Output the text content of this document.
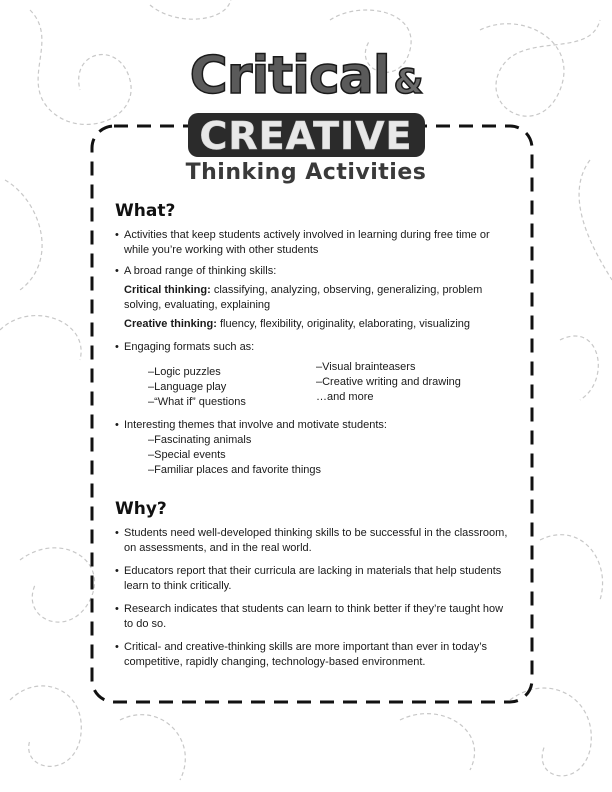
Critical &
CREATIVE
Thinking Activities
What?
• Activities that keep students actively involved in learning during free time or while you’re working with other students
• A broad range of thinking skills:
Critical thinking: classifying, analyzing, observing, generalizing, problem solving, evaluating, explaining
Creative thinking: fluency, flexibility, originality, elaborating, visualizing
• Engaging formats such as:
–Logic puzzles
–Language play
–“What if” questions
–Visual brainteasers
–Creative writing and drawing
…and more
• Interesting themes that involve and motivate students:
–Fascinating animals
–Special events
–Familiar places and favorite things
Why?
• Students need well-developed thinking skills to be successful in the classroom, on assessments, and in the real world.
• Educators report that their curricula are lacking in materials that help students learn to think critically.
• Research indicates that students can learn to think better if they’re taught how to do so.
• Critical- and creative-thinking skills are more important than ever in today’s competitive, rapidly changing, technology-based environment.
